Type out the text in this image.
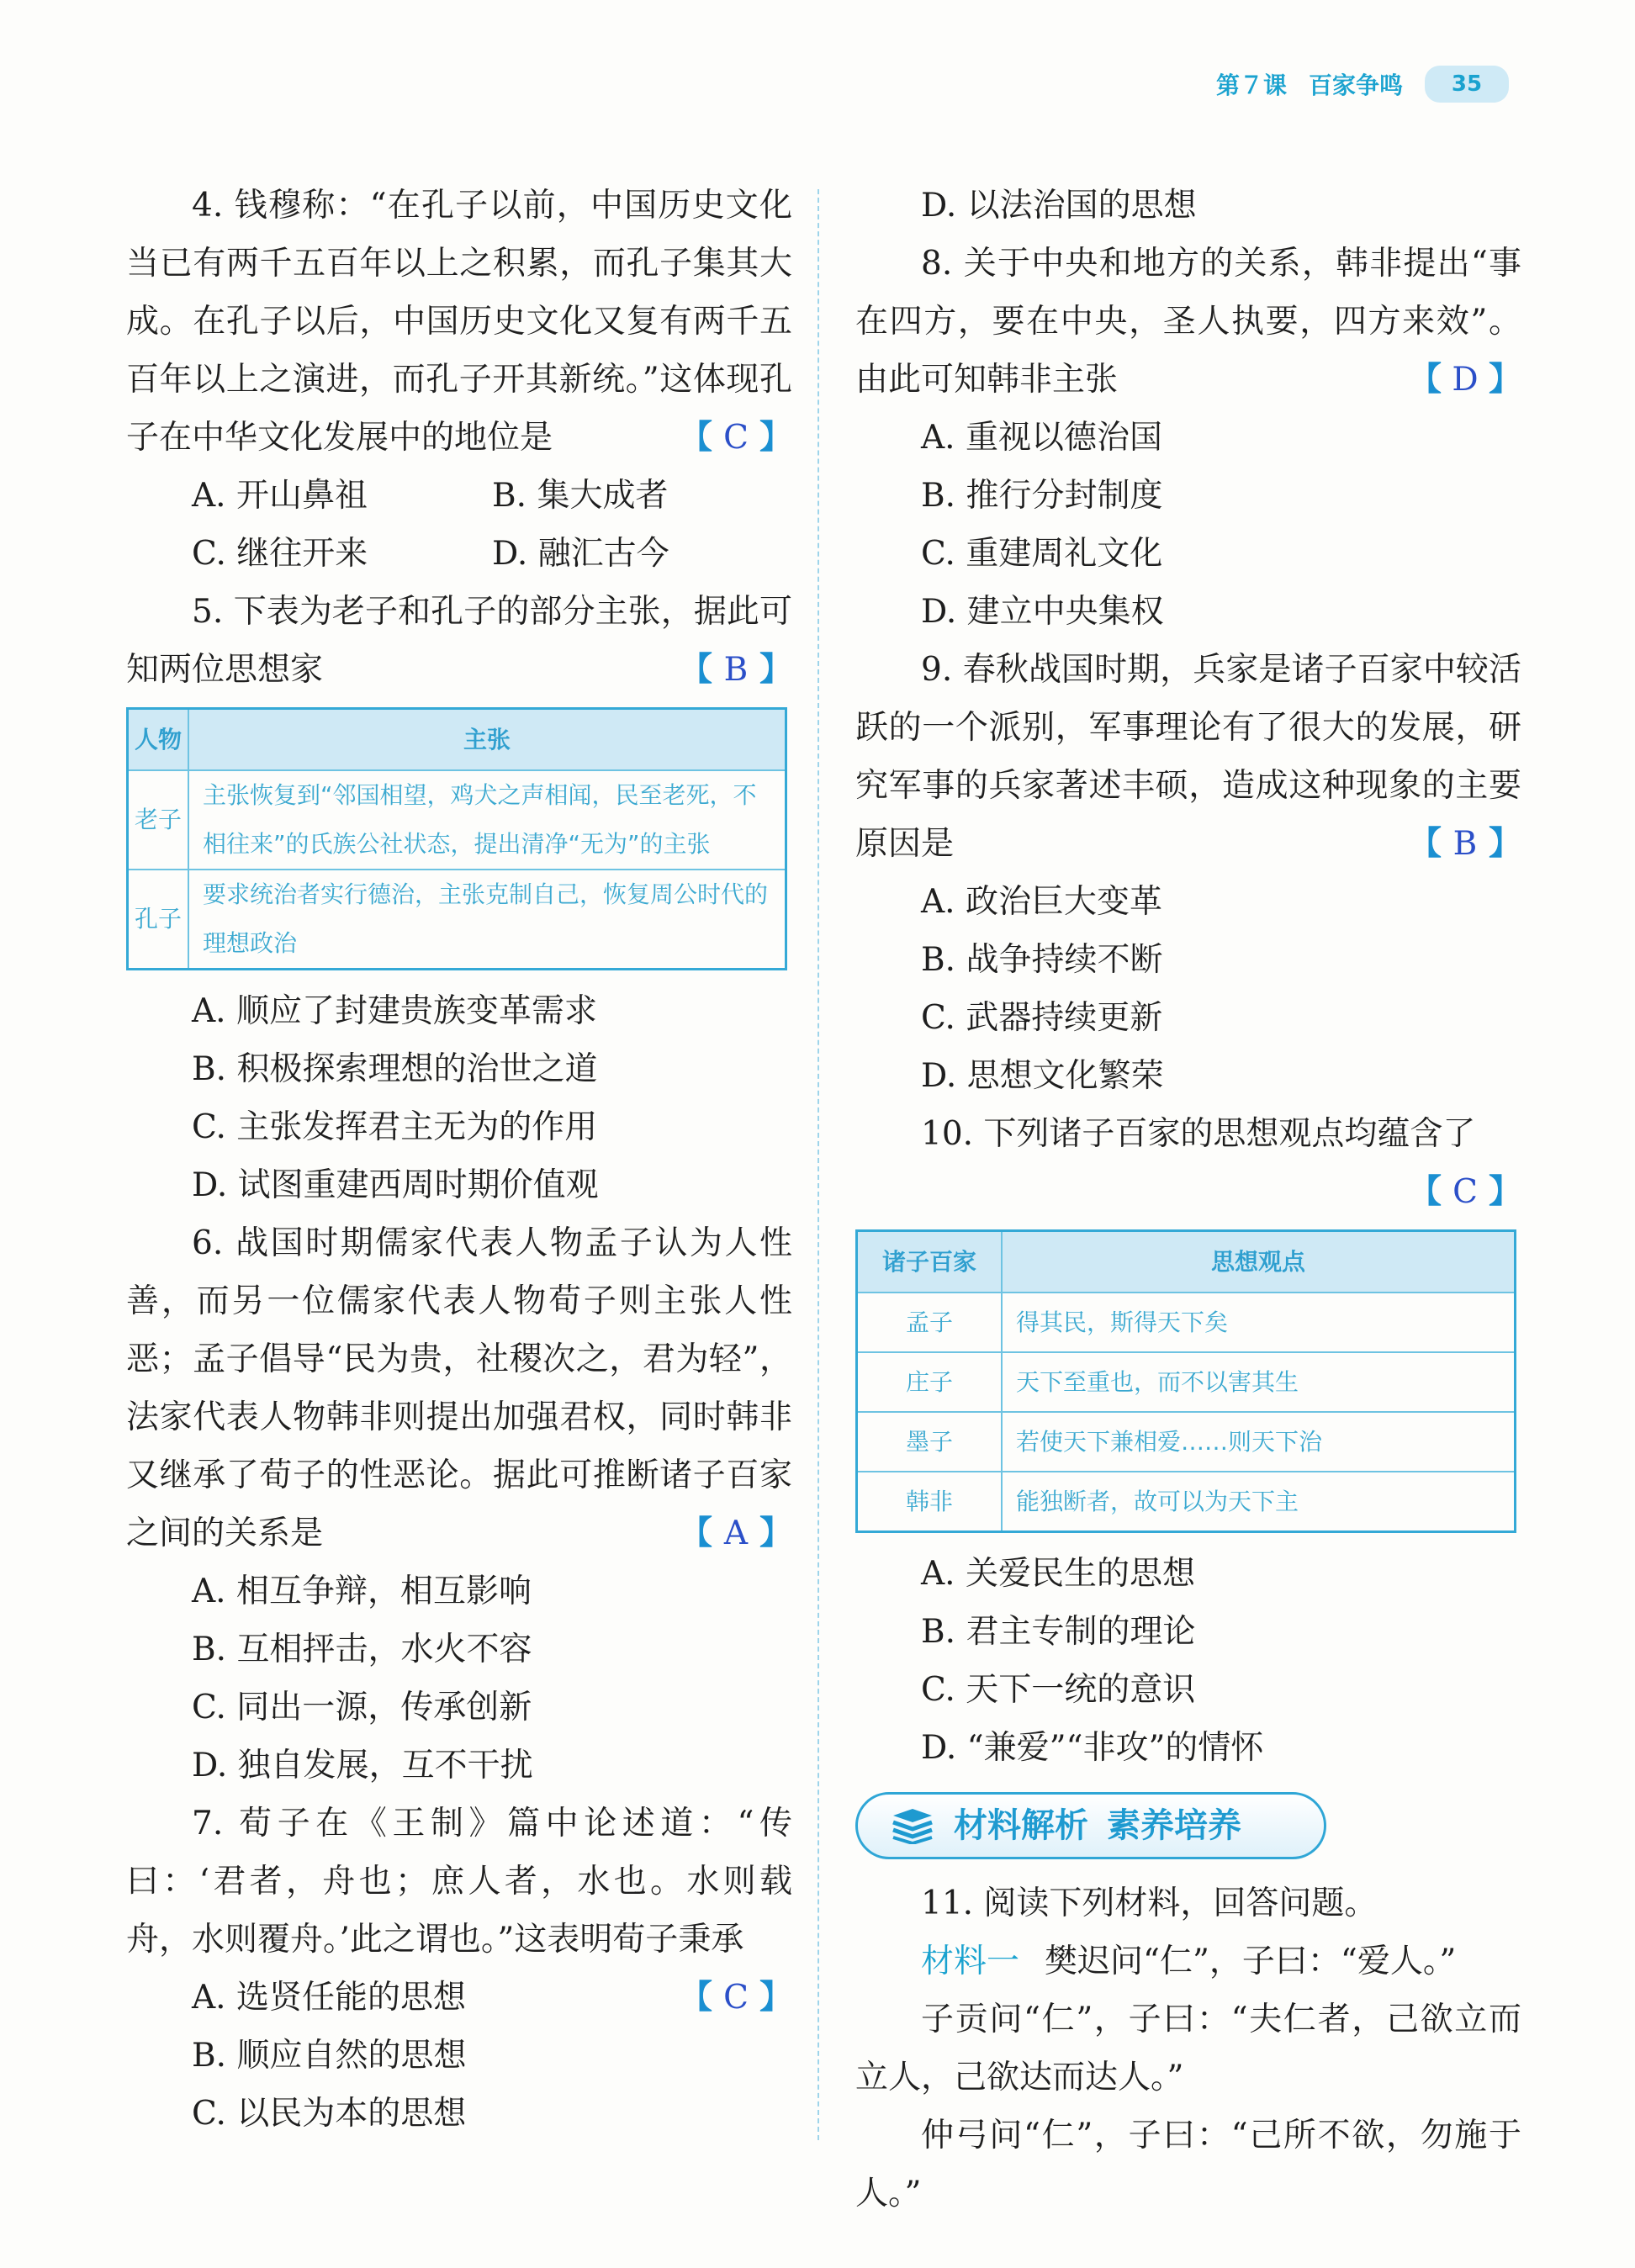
第７课 百家争鸣	35
4. 钱穆称：“在孔子以前，中国历史文化当已有两千五百年以上之积累，而孔子集其大成。在孔子以后，中国历史文化又复有两千五百年以上之演进，而孔子开其新统。”这体现孔子在中华文化发展中的地位是	【 C 】
A. 开山鼻祖	B. 集大成者
C. 继往开来	D. 融汇古今
5. 下表为老子和孔子的部分主张，据此可知两位思想家	【 B 】
人物	主张
老子	主张恢复到“邻国相望，鸡犬之声相闻，民至老死，不相往来”的氏族公社状态，提出清净“无为”的主张
孔子	要求统治者实行德治，主张克制自己，恢复周公时代的理想政治
A. 顺应了封建贵族变革需求
B. 积极探索理想的治世之道
C. 主张发挥君主无为的作用
D. 试图重建西周时期价值观
6. 战国时期儒家代表人物孟子认为人性善，而另一位儒家代表人物荀子则主张人性恶；孟子倡导“民为贵，社稷次之，君为轻”，法家代表人物韩非则提出加强君权，同时韩非又继承了荀子的性恶论。据此可推断诸子百家之间的关系是	【 A 】
A. 相互争辩，相互影响
B. 互相抨击，水火不容
C. 同出一源，传承创新
D. 独自发展，互不干扰
7. 荀子在《王制》篇中论述道：“传曰：‘君者，舟也；庶人者，水也。水则载舟，水则覆舟。’此之谓也。”这表明荀子秉承
【 C 】
A. 选贤任能的思想
B. 顺应自然的思想
C. 以民为本的思想
D. 以法治国的思想
8. 关于中央和地方的关系，韩非提出“事在四方，要在中央，圣人执要，四方来效”。由此可知韩非主张	【 D 】
A. 重视以德治国
B. 推行分封制度
C. 重建周礼文化
D. 建立中央集权
9. 春秋战国时期，兵家是诸子百家中较活跃的一个派别，军事理论有了很大的发展，研究军事的兵家著述丰硕，造成这种现象的主要原因是	【 B 】
A. 政治巨大变革
B. 战争持续不断
C. 武器持续更新
D. 思想文化繁荣
10. 下列诸子百家的思想观点均蕴含了
【 C 】
诸子百家	思想观点
孟子	得其民，斯得天下矣
庄子	天下至重也，而不以害其生
墨子	若使天下兼相爱……则天下治
韩非	能独断者，故可以为天下主
A. 关爱民生的思想
B. 君主专制的理论
C. 天下一统的意识
D. “兼爱”“非攻”的情怀
材料解析 素养培养
11. 阅读下列材料，回答问题。
材料一 樊迟问“仁”，子曰：“爱人。”
子贡问“仁”，子曰：“夫仁者，己欲立而立人，己欲达而达人。”
仲弓问“仁”，子曰：“己所不欲，勿施于人。”
